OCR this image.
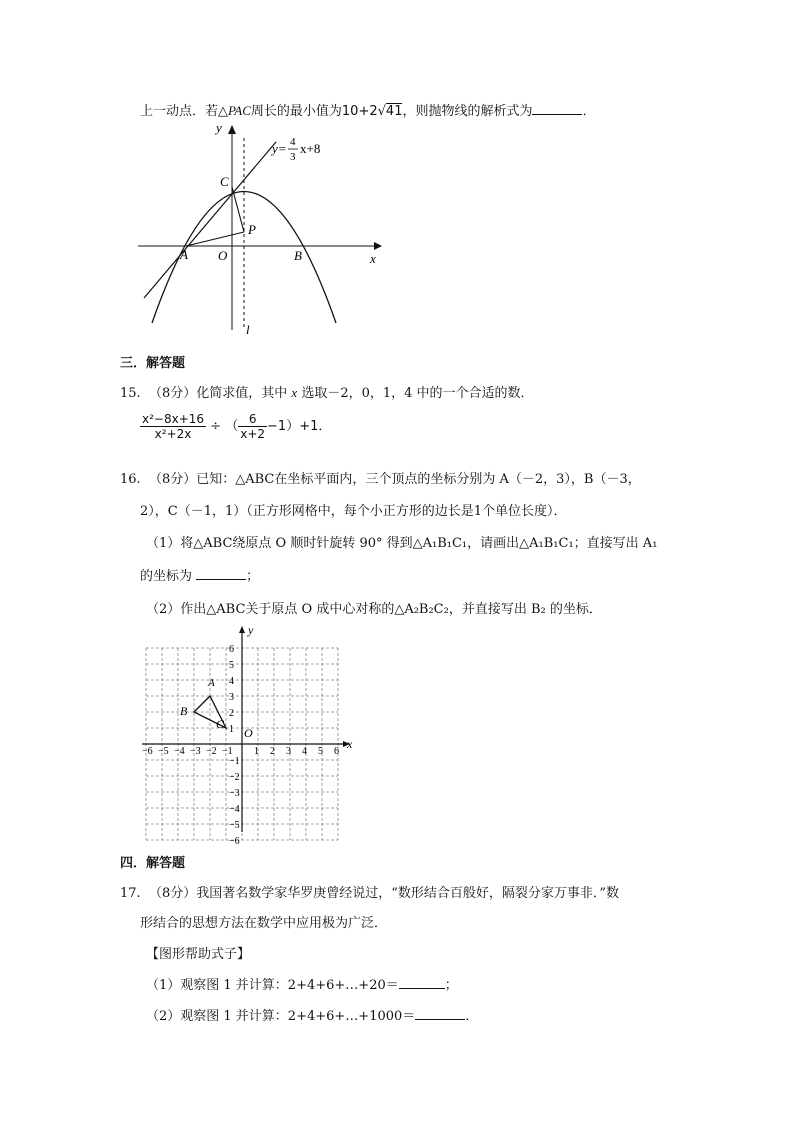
上一动点．若△PAC周长的最小值为10+2√41，则抛物线的解析式为	．
y
x
C
P
A O	B
l
y= 4
3
x+8
三．解答题
15. （8分）化简求值，其中 x 选取－2，0，1，4 中的一个合适的数．
$\frac{\text{x²−8x+16}}{\text{x²+2x}}$ ÷ （ $\frac{6}{x+2} -1)+1$．
16. （8分）已知：△ABC在坐标平面内，三个顶点的坐标分别为 A（－2，3），B（－3，
2），C（－1，1）（正方形网格中，每个小正方形的边长是1个单位长度）．
（1）将△ABC绕原点 O 顺时针旋转 90° 得到△A₁B₁C₁，请画出△A₁B₁C₁；直接写出 A₁
的坐标为	；
（2）作出△ABC关于原点 O 成中心对称的△A₂B₂C₂，并直接写出 B₂ 的坐标．
−6 −5 −4 −3 −2 −1 1 2 3 4 5 6
6
5
4
3
2
1
−1
−2
−3
−4
−5
−6
A
B
C
O
x
y
四．解答题
17. （8分）我国著名数学家华罗庚曾经说过，“数形结合百般好，隔裂分家万事非．”数
形结合的思想方法在数学中应用极为广泛．
【图形帮助式子】
（1）观察图 1 并计算：2+4+6+…+20＝	；
（2）观察图 1 并计算：2+4+6+…+1000＝	．
